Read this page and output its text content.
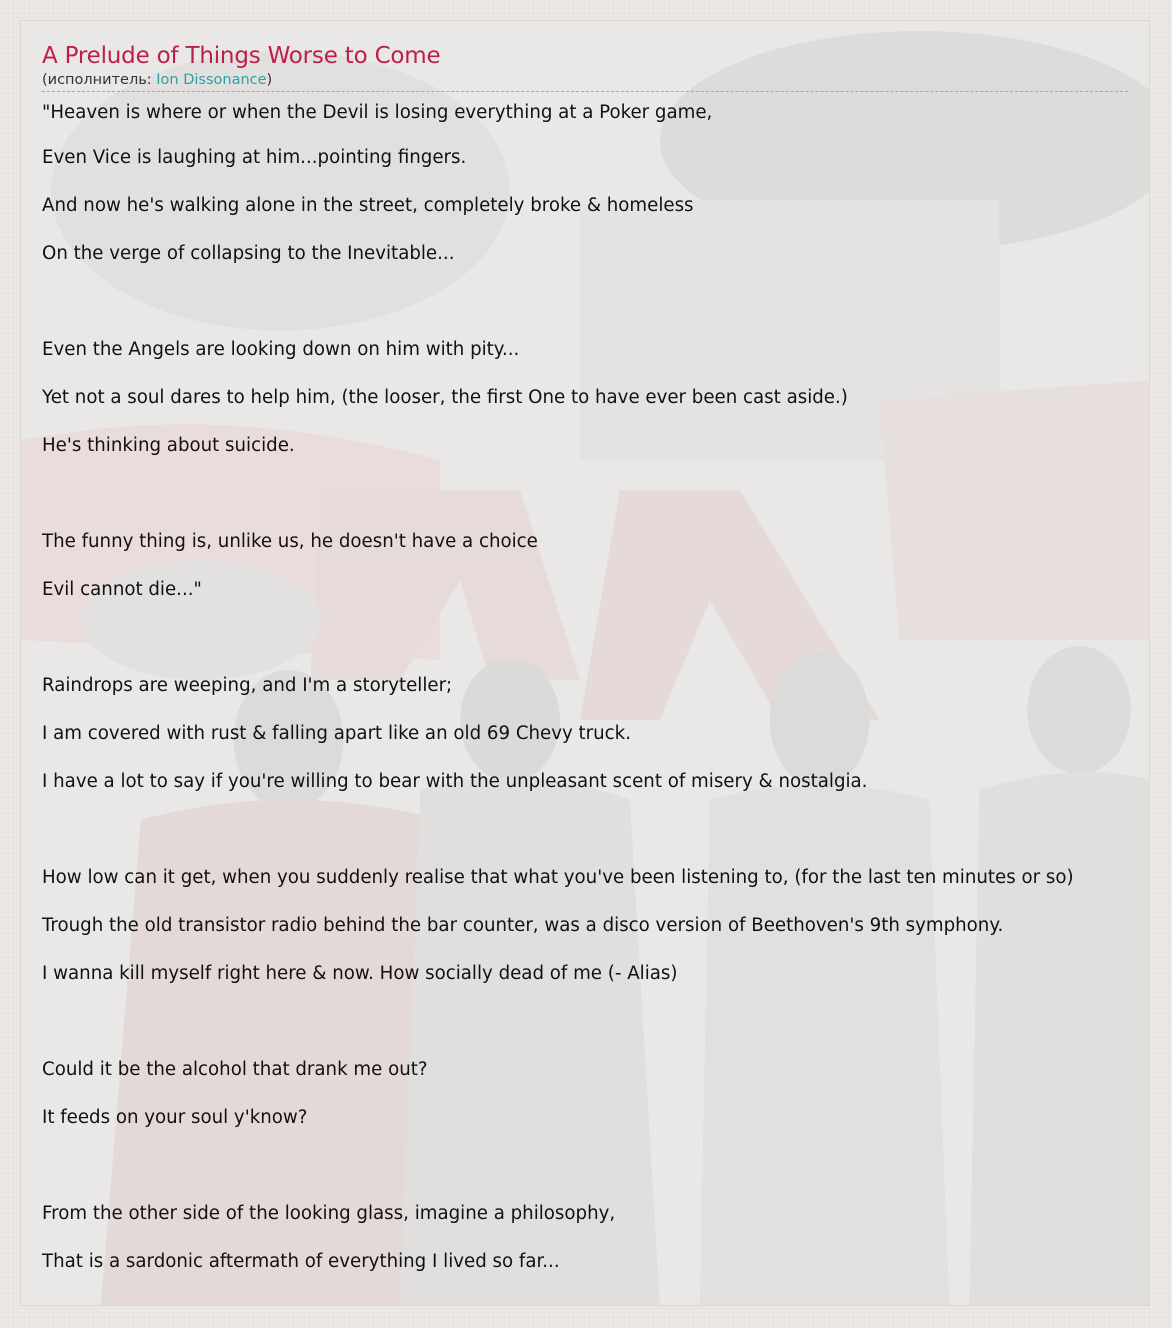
A Prelude of Things Worse to Come
(исполнитель: Ion Dissonance)
"Heaven is where or when the Devil is losing everything at a Poker game,
Even Vice is laughing at him...pointing fingers.
And now he's walking alone in the street, completely broke & homeless
On the verge of collapsing to the Inevitable...
Even the Angels are looking down on him with pity...
Yet not a soul dares to help him, (the looser, the first One to have ever been cast aside.)
He's thinking about suicide.
The funny thing is, unlike us, he doesn't have a choice
Evil cannot die..."
Raindrops are weeping, and I'm a storyteller;
I am covered with rust & falling apart like an old 69 Chevy truck.
I have a lot to say if you're willing to bear with the unpleasant scent of misery & nostalgia.
How low can it get, when you suddenly realise that what you've been listening to, (for the last ten minutes or so)
Trough the old transistor radio behind the bar counter, was a disco version of Beethoven's 9th symphony.
I wanna kill myself right here & now. How socially dead of me (- Alias)
Could it be the alcohol that drank me out?
It feeds on your soul y'know?
From the other side of the looking glass, imagine a philosophy,
That is a sardonic aftermath of everything I lived so far...
